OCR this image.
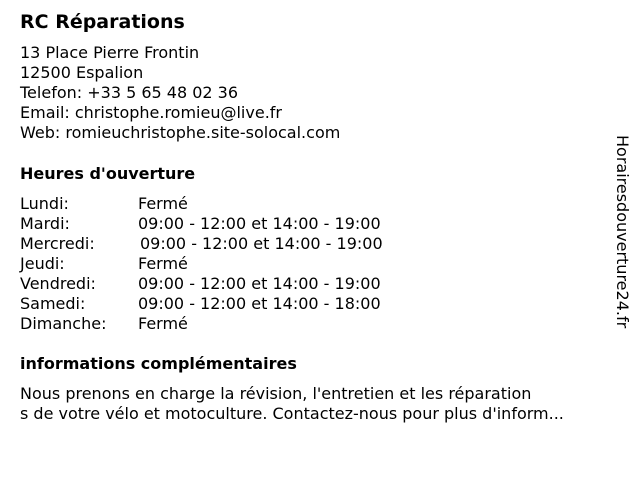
RC Réparations
13 Place Pierre Frontin
12500 Espalion
Telefon: +33 5 65 48 02 36
Email: christophe.romieu@live.fr
Web: romieuchristophe.site-solocal.com
Heures d'ouverture
Lundi:	Fermé
Mardi:	09:00 - 12:00 et 14:00 - 19:00
Mercredi:	09:00 - 12:00 et 14:00 - 19:00
Jeudi:	Fermé
Vendredi:	09:00 - 12:00 et 14:00 - 19:00
Samedi:	09:00 - 12:00 et 14:00 - 18:00
Dimanche: Fermé
informations complémentaires
Nous prenons en charge la révision, l'entretien et les réparation
s de votre vélo et motoculture. Contactez-nous pour plus d'inform...
Horairesdouverture24.fr
